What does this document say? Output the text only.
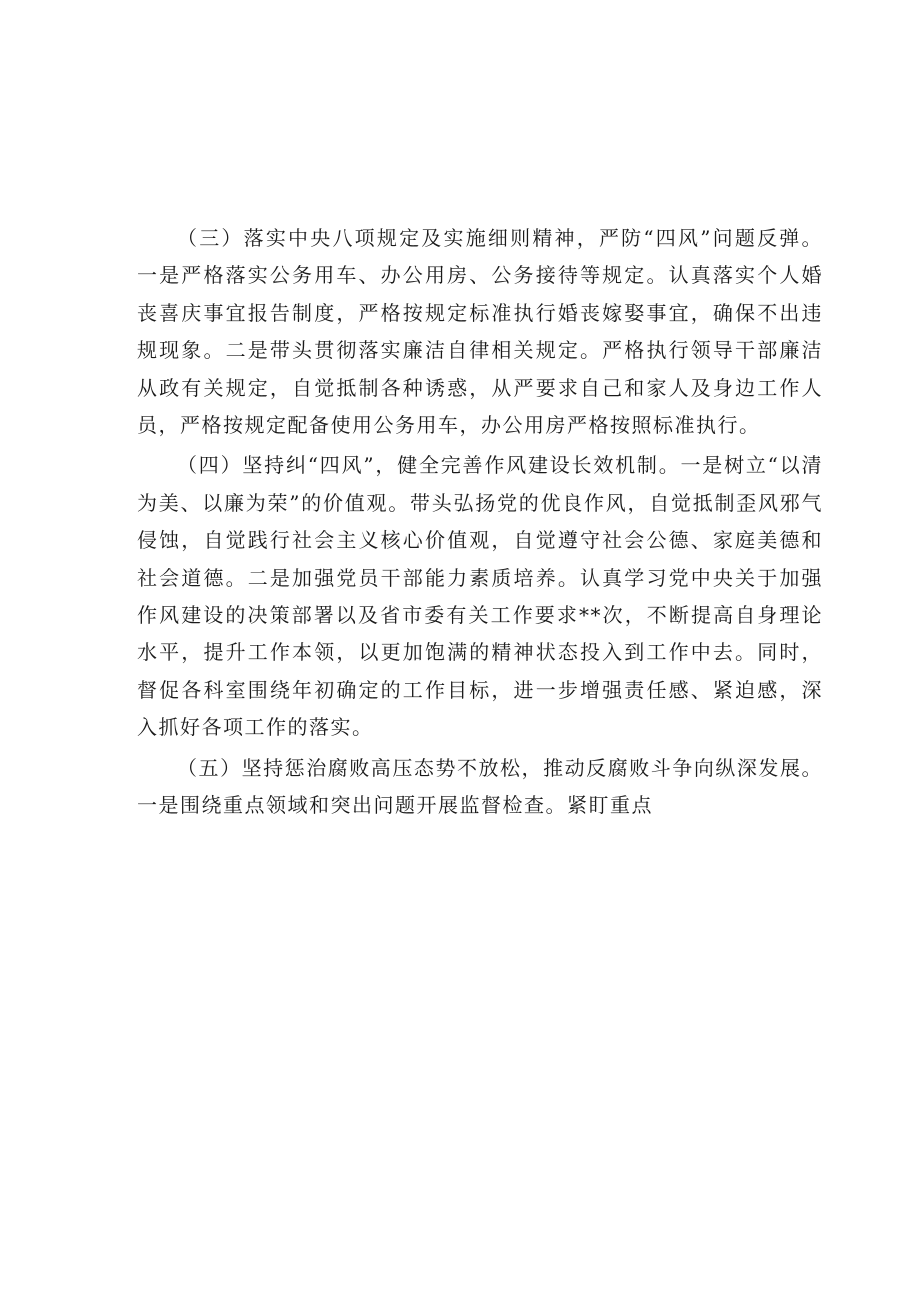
（三）落实中央八项规定及实施细则精神，严防“四风”问题反弹。一是严格落实公务用车、办公用房、公务接待等规定。认真落实个人婚丧喜庆事宜报告制度，严格按规定标准执行婚丧嫁娶事宜，确保不出违规现象。二是带头贯彻落实廉洁自律相关规定。严格执行领导干部廉洁从政有关规定，自觉抵制各种诱惑，从严要求自己和家人及身边工作人员，严格按规定配备使用公务用车，办公用房严格按照标准执行。

（四）坚持纠“四风”，健全完善作风建设长效机制。一是树立“以清为美、以廉为荣”的价值观。带头弘扬党的优良作风，自觉抵制歪风邪气侵蚀，自觉践行社会主义核心价值观，自觉遵守社会公德、家庭美德和社会道德。二是加强党员干部能力素质培养。认真学习党中央关于加强作风建设的决策部署以及省市委有关工作要求**次，不断提高自身理论水平，提升工作本领，以更加饱满的精神状态投入到工作中去。同时，督促各科室围绕年初确定的工作目标，进一步增强责任感、紧迫感，深入抓好各项工作的落实。

（五）坚持惩治腐败高压态势不放松，推动反腐败斗争向纵深发展。一是围绕重点领域和突出问题开展监督检查。紧盯重点
